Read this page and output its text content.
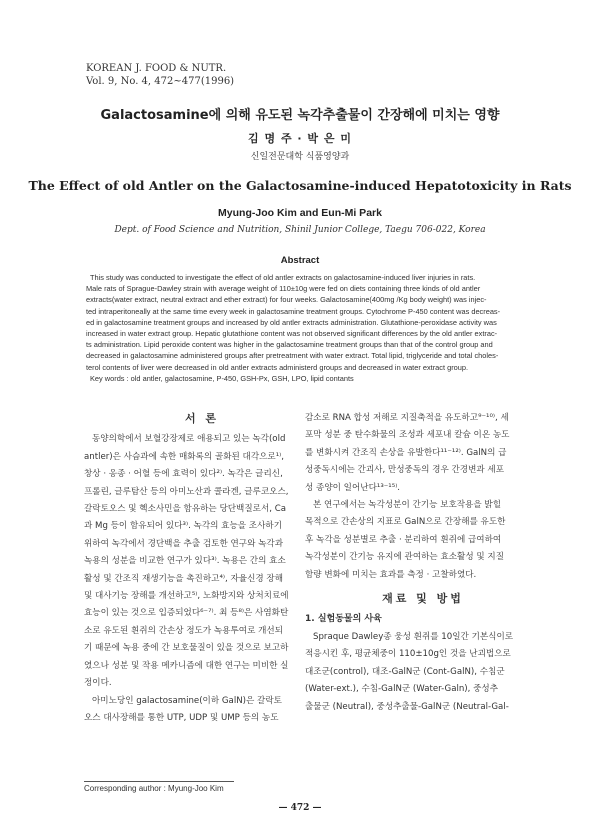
KOREAN J. FOOD & NUTR.
Vol. 9, No. 4, 472~477(1996)
Galactosamine에 의해 유도된 녹각추출물이 간장해에 미치는 영향
김 명 주 · 박 은 미
신일전문대학 식품영양과
The Effect of old Antler on the Galactosamine-induced Hepatotoxicity in Rats
Myung-Joo Kim and Eun-Mi Park
Dept. of Food Science and Nutrition, Shinil Junior College, Taegu 706-022, Korea
Abstract
This study was conducted to investigate the effect of old antler extracts on galactosamine-induced liver injuries in rats.
Male rats of Sprague-Dawley strain with average weight of 110±10g were fed on diets containing three kinds of old antler
extracts(water extract, neutral extract and ether extract) for four weeks. Galactosamine(400mg /Kg body weight) was injec-
ted intraperitoneally at the same time every week in galactosamine treatment groups. Cytochrome P-450 content was decreas-
ed in galactosamine treatment groups and increased by old antler extracts administration. Glutathione-peroxidase activity was
increased in water extract group. Hepatic glutathione content was not observed significant differences by the old antler extrac-
ts administration. Lipid peroxide content was higher in the galactosamine treatment groups than that of the control group and
decreased in galactosamine administered groups after pretreatment with water extract. Total lipid, triglyceride and total choles-
terol contents of liver were decreased in old antler extracts administerd groups and decreased in water extract group.
Key words : old antler, galactosamine, P-450, GSH-Px, GSH, LPO, lipid contants
서 론
동양의학에서 보혈강장제로 애용되고 있는 녹각(old
antler)은 사슴과에 속한 매화록의 골화된 대각으로¹⁾,
창상 · 옹종 · 어혈 등에 효력이 있다²⁾. 녹각은 글리신,
프롤린, 글루탐산 등의 아미노산과 콜라겐, 글루코오스,
갈락토오스 및 헥소사민을 함유하는 당단백질로서, Ca
과 Mg 등이 함유되어 있다³⁾. 녹각의 효능을 조사하기
위하여 녹각에서 경단백을 추출 검토한 연구와 녹각과
녹용의 성분을 비교한 연구가 있다³⁾. 녹용은 간의 효소
활성 및 간조직 재생기능을 촉진하고⁴⁾, 자율신경 장해
및 대사기능 장해를 개선하고⁵⁾, 노화방지와 상처치료에
효능이 있는 것으로 입증되었다⁶⁻⁷⁾. 최 등⁸⁾은 사염화탄
소로 유도된 흰쥐의 간손상 정도가 녹용투여로 개선되
기 때문에 녹용 중에 간 보호물질이 있을 것으로 보고하
였으나 성분 및 작용 메카니즘에 대한 연구는 미비한 실
정이다.
아미노당인 galactosamine(이하 GalN)은 갈락토
오스 대사장해를 통한 UTP, UDP 및 UMP 등의 농도
감소로 RNA 합성 저해로 지질축적을 유도하고⁹⁻¹⁰⁾, 세
포막 성분 중 탄수화물의 조성과 세포내 칼슘 이온 농도
를 변화시켜 간조직 손상을 유발한다¹¹⁻¹²⁾. GalN의 급
성중독시에는 간괴사, 만성중독의 경우 간경변과 세포
성 종양이 일어난다¹³⁻¹⁵⁾.
본 연구에서는 녹각성분이 간기능 보호작용을 밝힐
목적으로 간손상의 지표로 GalN으로 간장해를 유도한
후 녹각을 성분별로 추출 · 분리하여 흰쥐에 급여하여
녹각성분이 간기능 유지에 관여하는 효소활성 및 지질
함량 변화에 미치는 효과를 측정 · 고찰하였다.
재료 및 방법
1. 실험동물의 사육
Spraque Dawley종 웅성 흰쥐를 10일간 기본식이로
적응시킨 후, 평균체중이 110±10g인 것을 난괴법으로
대조군(control), 대조-GalN군 (Cont-GalN), 수침군
(Water-ext.), 수침-GalN군 (Water-Galn), 중성추
출물군 (Neutral), 중성추출물-GalN군 (Neutral-Gal-
Corresponding author : Myung-Joo Kim
— 472 —
